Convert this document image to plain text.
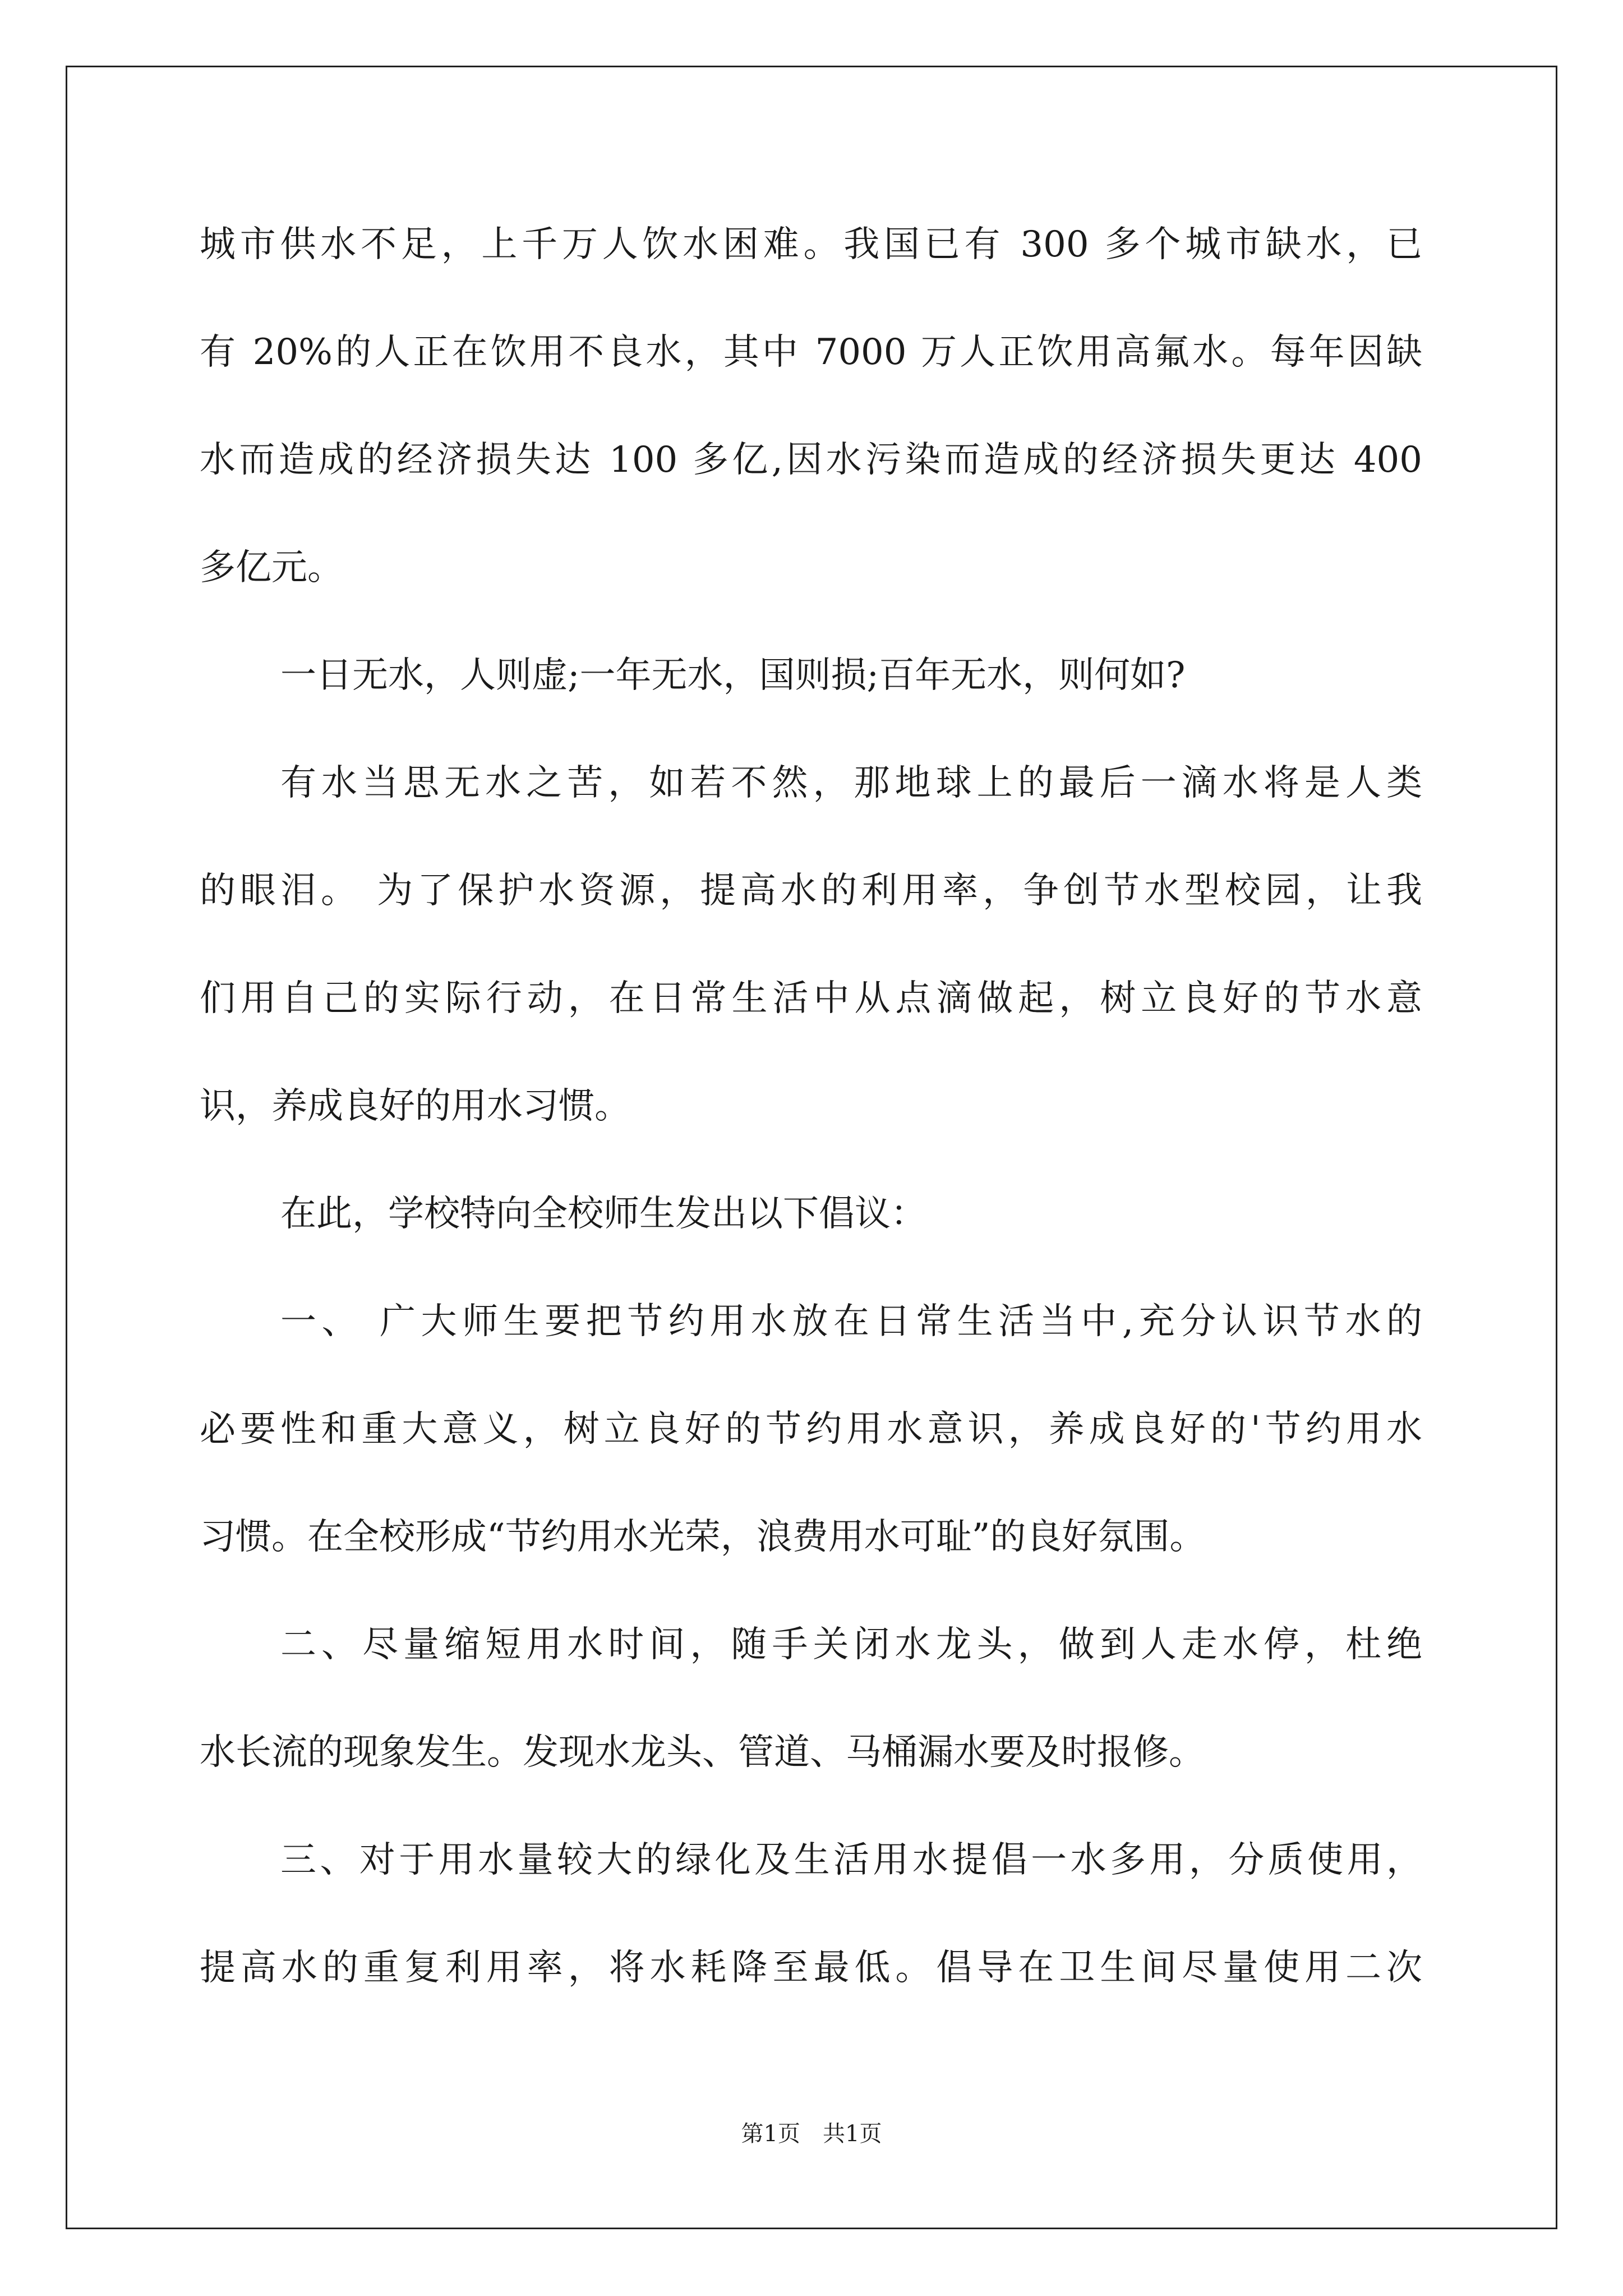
城市供水不足，上千万人饮水困难。我国已有 300 多个城市缺水，已
有 20%的人正在饮用不良水，其中 7000 万人正饮用高氟水。每年因缺
水而造成的经济损失达 100 多亿,因水污染而造成的经济损失更达 400
多亿元。
一日无水，人则虚;一年无水，国则损;百年无水，则何如?
有水当思无水之苦，如若不然，那地球上的最后一滴水将是人类
的眼泪。 为了保护水资源，提高水的利用率，争创节水型校园，让我
们用自己的实际行动，在日常生活中从点滴做起，树立良好的节水意
识，养成良好的用水习惯。
在此，学校特向全校师生发出以下倡议：
一、 广大师生要把节约用水放在日常生活当中,充分认识节水的
必要性和重大意义，树立良好的节约用水意识，养成良好的'节约用水
习惯。在全校形成“节约用水光荣，浪费用水可耻”的良好氛围。
二、尽量缩短用水时间，随手关闭水龙头，做到人走水停，杜绝
水长流的现象发生。发现水龙头、管道、马桶漏水要及时报修。
三、对于用水量较大的绿化及生活用水提倡一水多用，分质使用，
提高水的重复利用率，将水耗降至最低。倡导在卫生间尽量使用二次
第1页　共1页
